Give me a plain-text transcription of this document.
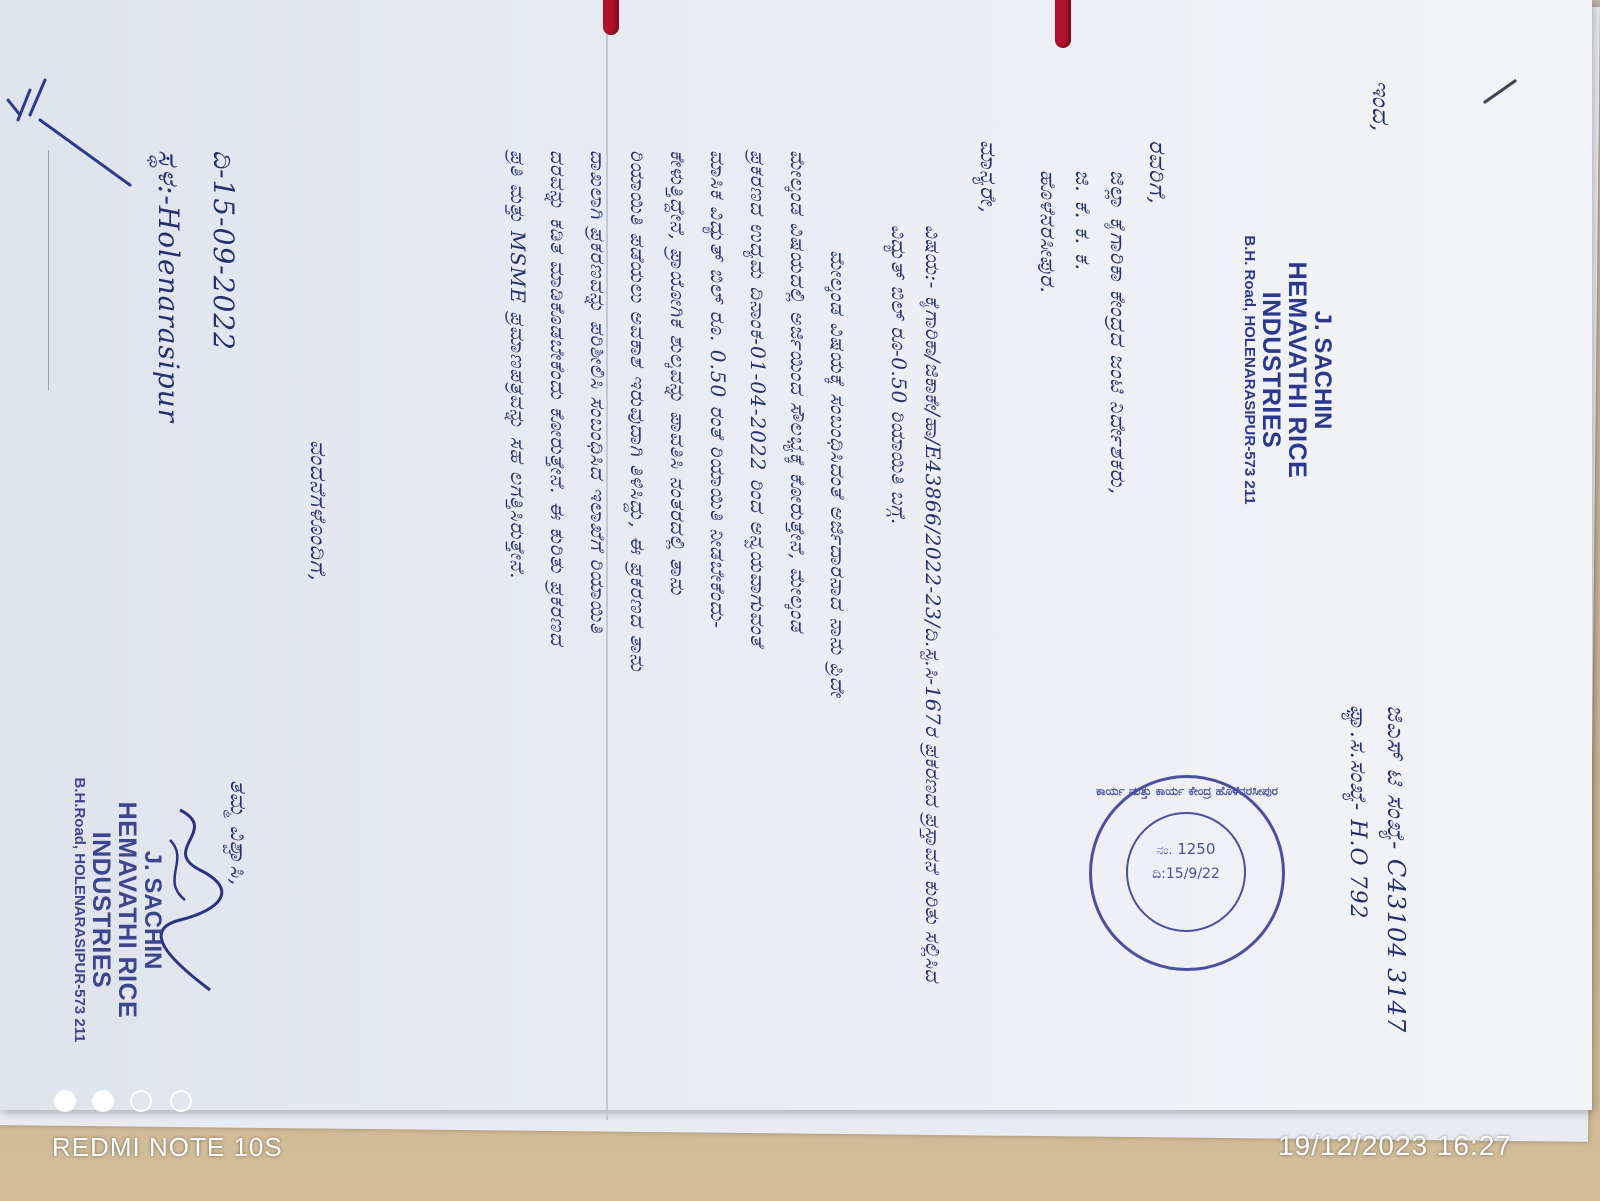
ಇಂದ,
J. SACHIN
HEMAVATHI RICE INDUSTRIES
B.H. Road, HOLENARASIPUR-573 211
ಜಿಎಸ್ ಟಿ ಸಂಖ್ಯೆ- C43104 3147
ಫ್ಯಾ.ಸ.ಸಂಖ್ಯೆ- H.O 792
ಕಾರ್ಯ ಮತ್ತು ಕಾರ್ಯ ಕೇಂದ್ರ ಹೊಳೆನರಸೀಪುರ
ನಂ. 1250
ದಿ:15/9/22
ರವರಿಗೆ,
ಜಿಲ್ಲಾ ಕೈಗಾರಿಕಾ ಕೇಂದ್ರದ ಜಂಟಿ ನಿರ್ದೇಶಕರು,
ಜಿ. ಕೆ. ಕ. ಕ.
ಹೊಳೆನರಸೀಪುರ.
ಮಾನ್ಯರೇ,
ವಿಷಯ:- ಕೈಗಾರಿಕಾ/ಜಿಕಾಕೇ/ಹಾ/E43866/2022-23/ದಿ.ಸ್ಟ.ಸಿ-167ರ ಪ್ರಕರಣದ ಪ್ರಸ್ತಾವನೆ ಕುರಿತು ಸಲ್ಲಿಸಿದ ವಿದ್ಯುತ್ ಬಿಲ್ ರೂ-0.50 ರಿಯಾಯಿತಿ ಬಗ್ಗೆ.
ಮೇಲ್ಕಂಡ ವಿಷಯಕ್ಕೆ ಸಂಬಂಧಿಸಿದಂತೆ ಅರ್ಜಿದಾರನಾದ ನಾನು ಪ್ರಿದೇ
ಮೇಲ್ಕಂಡ ವಿಷಯದಲ್ಲಿ ಅರ್ಜಿಯಿಂದ ಸೌಲಭ್ಯಕ್ಕೆ ಕೋರುತ್ತೇನೆ, ಮೇಲ್ಕಂಡ
ಪ್ರಕರಣದ ಉದ್ಯಮ ದಿನಾಂಕ-01-04-2022 ರಿಂದ ಅನ್ವಯವಾಗುವಂತೆ
ಮಾಸಿಕ ವಿದ್ಯುತ್ ಬಿಲ್ ರೂ. 0.50 ರಂತೆ ರಿಯಾಯಿತಿ ನೀಡಬೇಕೆಂದು-
ಕೇಳುತ್ತಿದ್ದೇನೆ, ಪ್ರಾಯೋಗಿಕ ಶುಲ್ಕವನ್ನು ಪಾವತಿಸಿ ನಂತರದಲ್ಲಿ ತಾನು
ರಿಯಾಯಿತಿ ಪಡೆಯಲು ಅವಕಾಶ ಇರುವುದಾಗಿ ತಿಳಿಸಿದ್ದು, ಈ ಪ್ರಕರಣದ ತಾನು
ದಾಖಲಾಗಿ ಪ್ರಕರಣವನ್ನು ಪರಿಶೀಲಿಸಿ ಸಂಬಂಧಿಸಿದ ಇಲಾಖೆಗೆ ರಿಯಾಯಿತಿ
ದರವನ್ನು ಕಡಿತ ಮಾಡಿಕೊಡಬೇಕೆಂದು ಕೋರುತ್ತೇನೆ. ಈ ಕುರಿತು ಪ್ರಕರಣದ
ಪ್ರತಿ ಮತ್ತು MSME ಪ್ರಮಾಣಪತ್ರವನ್ನು ಸಹ ಲಗತ್ತಿಸಿರುತ್ತೇನೆ.
ವಂದನೆಗಳೊಂದಿಗೆ,
ದಿ-15-09-2022
ಸ್ಥಳ:-Holenarasipur
ತಮ್ಮ ವಿಶ್ವಾಸಿ,
J. SACHIN
HEMAVATHI RICE INDUSTRIES
B.H.Road, HOLENARASIPUR-573 211
REDMI NOTE 10S	19/12/2023 16:27
